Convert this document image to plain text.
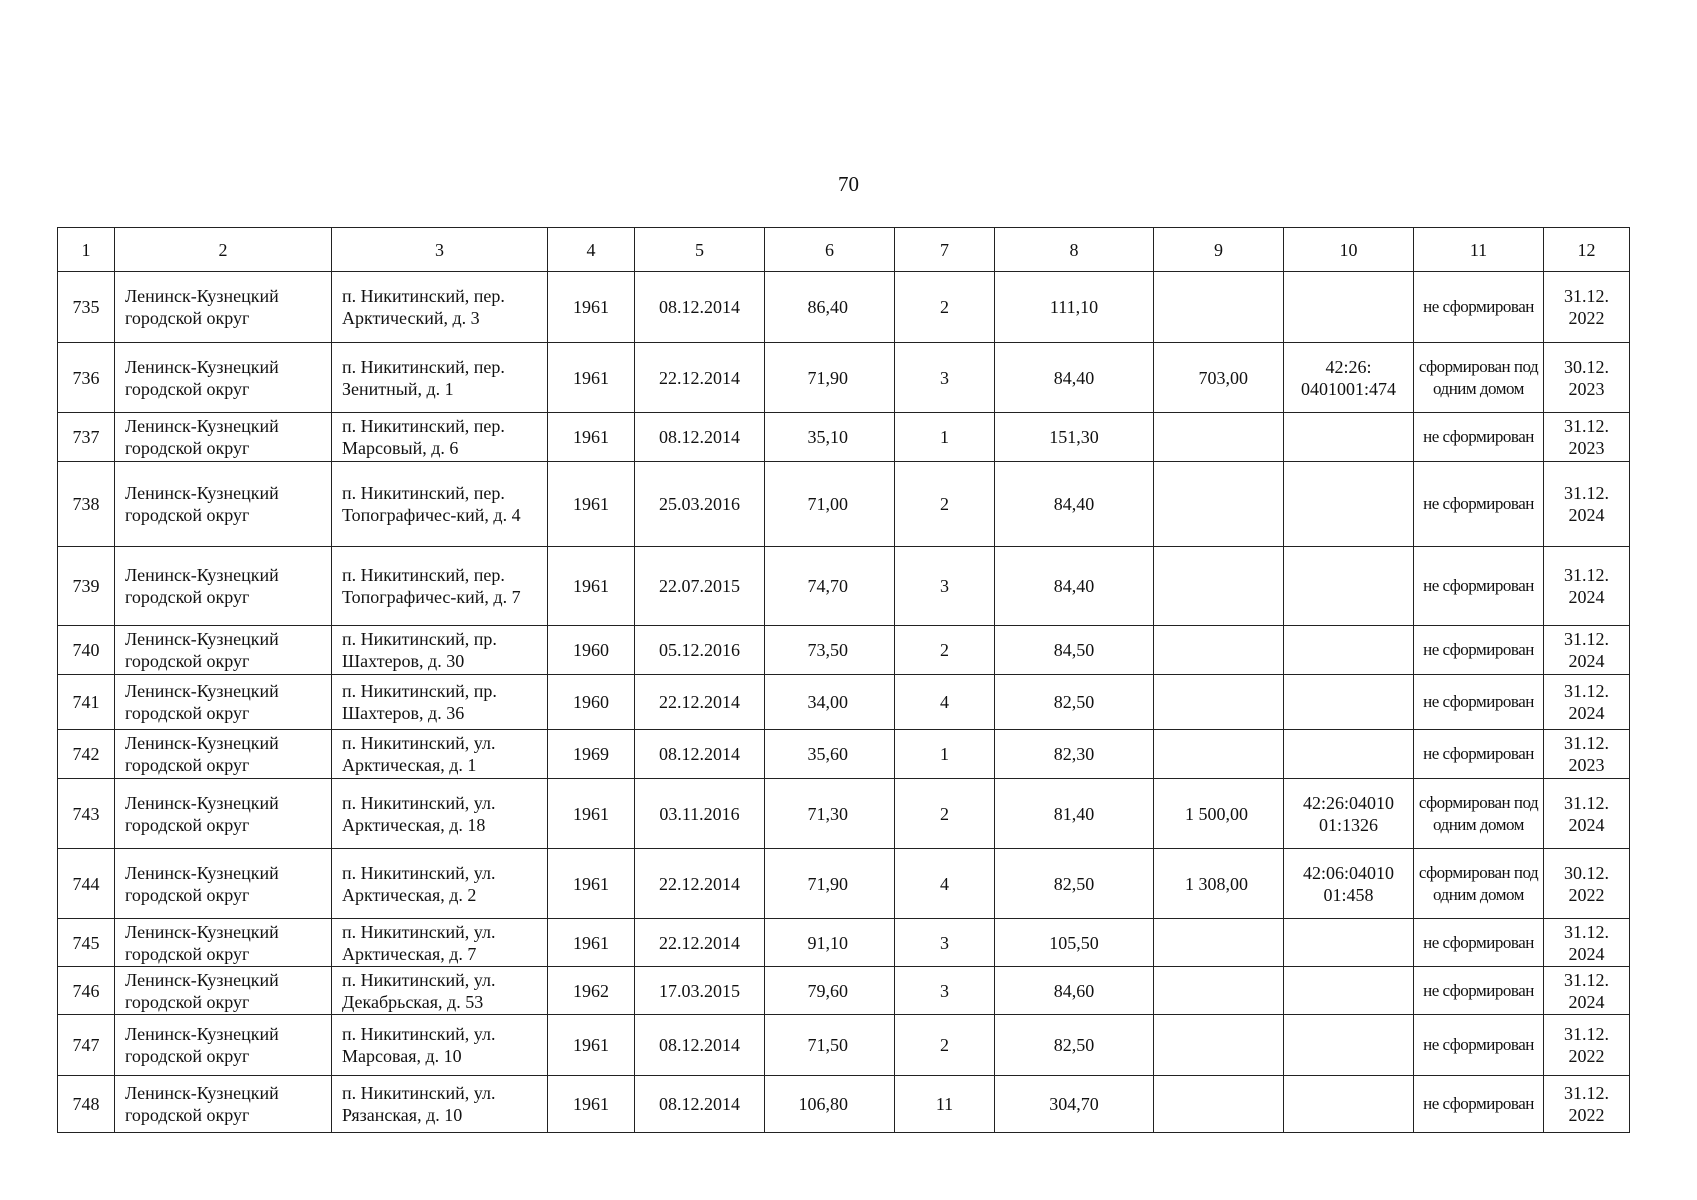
70
1	2	3	4	5	6	7	8	9	10	11	12
735	Ленинск-Кузнецкий городской округ	п. Никитинский, пер. Арктический, д. 3	1961	08.12.2014	86,40	2	111,10			не сформирован	31.12. 2022
736	Ленинск-Кузнецкий городской округ	п. Никитинский, пер. Зенитный, д. 1	1961	22.12.2014	71,90	3	84,40	703,00	42:26: 0401001:474	сформирован под одним домом	30.12. 2023
737	Ленинск-Кузнецкий городской округ	п. Никитинский, пер. Марсовый, д. 6	1961	08.12.2014	35,10	1	151,30			не сформирован	31.12. 2023
738	Ленинск-Кузнецкий городской округ	п. Никитинский, пер. Топографичес-кий, д. 4	1961	25.03.2016	71,00	2	84,40			не сформирован	31.12. 2024
739	Ленинск-Кузнецкий городской округ	п. Никитинский, пер. Топографичес-кий, д. 7	1961	22.07.2015	74,70	3	84,40			не сформирован	31.12. 2024
740	Ленинск-Кузнецкий городской округ	п. Никитинский, пр. Шахтеров, д. 30	1960	05.12.2016	73,50	2	84,50			не сформирован	31.12. 2024
741	Ленинск-Кузнецкий городской округ	п. Никитинский, пр. Шахтеров, д. 36	1960	22.12.2014	34,00	4	82,50			не сформирован	31.12. 2024
742	Ленинск-Кузнецкий городской округ	п. Никитинский, ул. Арктическая, д. 1	1969	08.12.2014	35,60	1	82,30			не сформирован	31.12. 2023
743	Ленинск-Кузнецкий городской округ	п. Никитинский, ул. Арктическая, д. 18	1961	03.11.2016	71,30	2	81,40	1 500,00	42:26:04010 01:1326	сформирован под одним домом	31.12. 2024
744	Ленинск-Кузнецкий городской округ	п. Никитинский, ул. Арктическая, д. 2	1961	22.12.2014	71,90	4	82,50	1 308,00	42:06:04010 01:458	сформирован под одним домом	30.12. 2022
745	Ленинск-Кузнецкий городской округ	п. Никитинский, ул. Арктическая, д. 7	1961	22.12.2014	91,10	3	105,50			не сформирован	31.12. 2024
746	Ленинск-Кузнецкий городской округ	п. Никитинский, ул. Декабрьская, д. 53	1962	17.03.2015	79,60	3	84,60			не сформирован	31.12. 2024
747	Ленинск-Кузнецкий городской округ	п. Никитинский, ул. Марсовая, д. 10	1961	08.12.2014	71,50	2	82,50			не сформирован	31.12. 2022
748	Ленинск-Кузнецкий городской округ	п. Никитинский, ул. Рязанская, д. 10	1961	08.12.2014	106,80	11	304,70			не сформирован	31.12. 2022
